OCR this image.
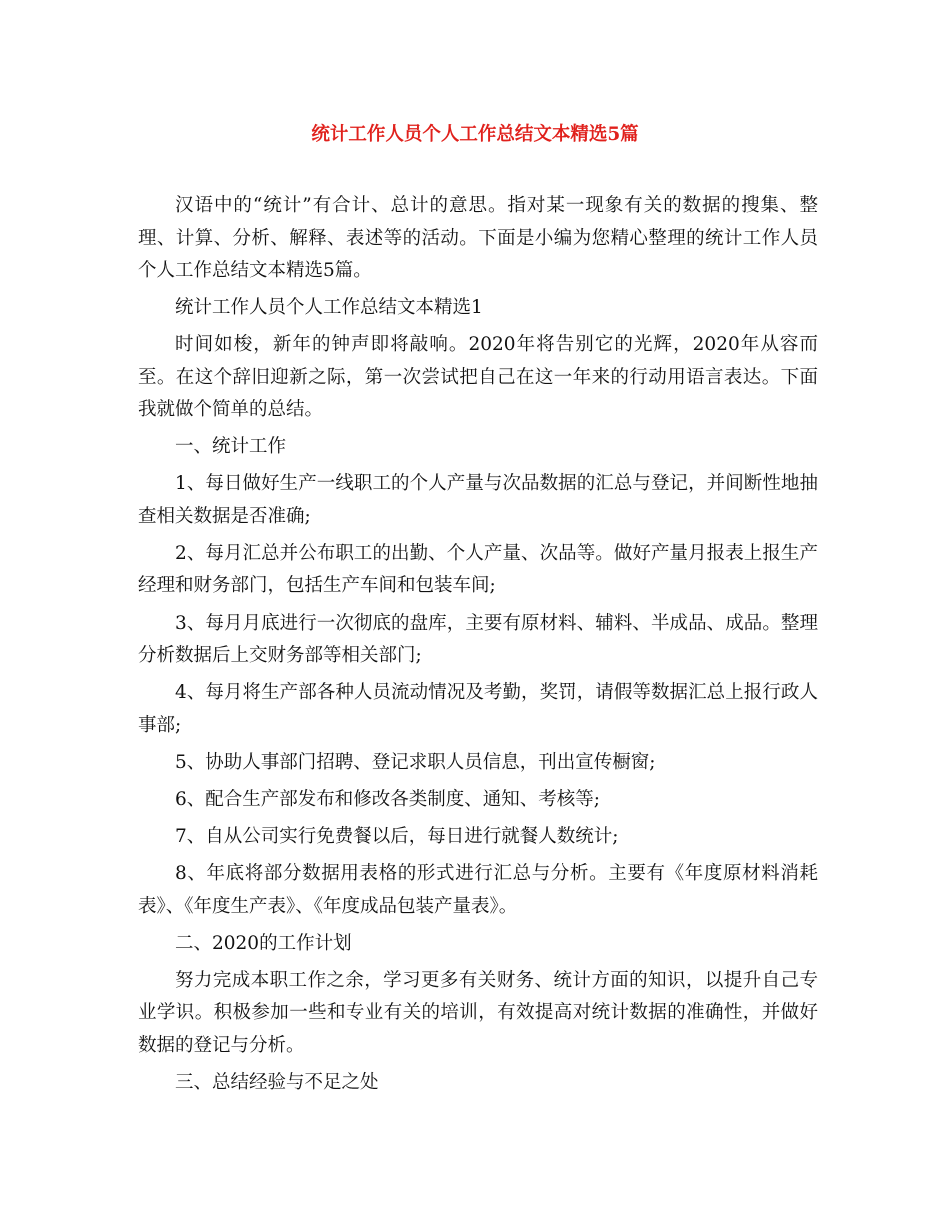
统计工作人员个人工作总结文本精选5篇

汉语中的“统计”有合计、总计的意思。指对某一现象有关的数据的搜集、整理、计算、分析、解释、表述等的活动。下面是小编为您精心整理的统计工作人员个人工作总结文本精选5篇。

统计工作人员个人工作总结文本精选1

时间如梭，新年的钟声即将敲响。2020年将告别它的光辉，2020年从容而至。在这个辞旧迎新之际，第一次尝试把自己在这一年来的行动用语言表达。下面我就做个简单的总结。

一、统计工作

1、每日做好生产一线职工的个人产量与次品数据的汇总与登记，并间断性地抽查相关数据是否准确;

2、每月汇总并公布职工的出勤、个人产量、次品等。做好产量月报表上报生产经理和财务部门，包括生产车间和包装车间;

3、每月月底进行一次彻底的盘库，主要有原材料、辅料、半成品、成品。整理分析数据后上交财务部等相关部门;

4、每月将生产部各种人员流动情况及考勤，奖罚，请假等数据汇总上报行政人事部;

5、协助人事部门招聘、登记求职人员信息，刊出宣传橱窗;

6、配合生产部发布和修改各类制度、通知、考核等;

7、自从公司实行免费餐以后，每日进行就餐人数统计;

8、年底将部分数据用表格的形式进行汇总与分析。主要有《年度原材料消耗表》、《年度生产表》、《年度成品包装产量表》。

二、2020的工作计划

努力完成本职工作之余，学习更多有关财务、统计方面的知识，以提升自己专业学识。积极参加一些和专业有关的培训，有效提高对统计数据的准确性，并做好数据的登记与分析。

三、总结经验与不足之处
